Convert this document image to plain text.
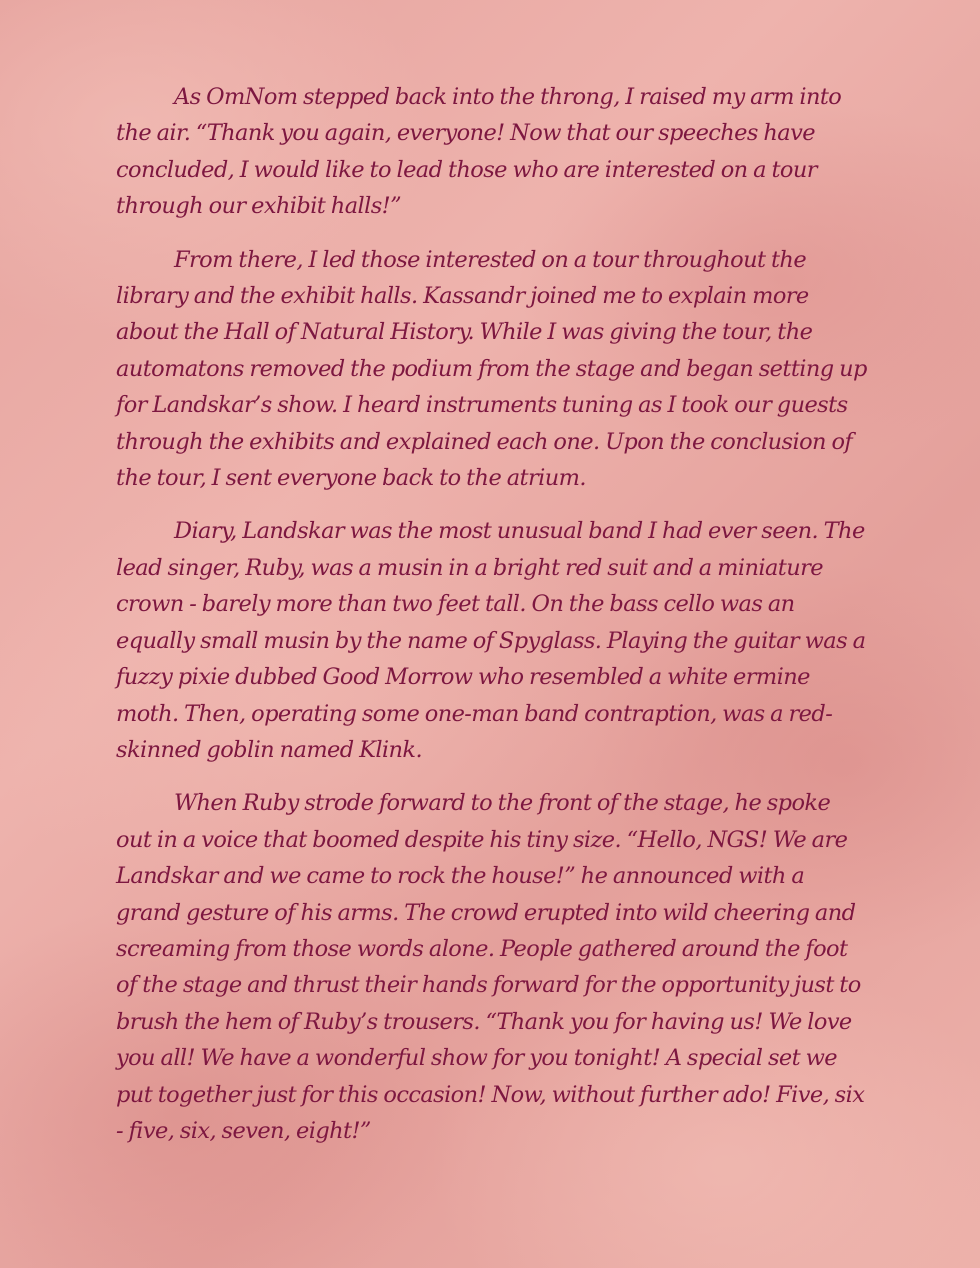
As OmNom stepped back into the throng, I raised my arm into the air. “Thank you again, everyone! Now that our speeches have concluded, I would like to lead those who are interested on a tour through our exhibit halls!”

From there, I led those interested on a tour throughout the library and the exhibit halls. Kassandr joined me to explain more about the Hall of Natural History. While I was giving the tour, the automatons removed the podium from the stage and began setting up for Landskar’s show. I heard instruments tuning as I took our guests through the exhibits and explained each one. Upon the conclusion of the tour, I sent everyone back to the atrium.

Diary, Landskar was the most unusual band I had ever seen. The lead singer, Ruby, was a musin in a bright red suit and a miniature crown - barely more than two feet tall. On the bass cello was an equally small musin by the name of Spyglass. Playing the guitar was a fuzzy pixie dubbed Good Morrow who resembled a white ermine moth. Then, operating some one-man band contraption, was a red-skinned goblin named Klink.

When Ruby strode forward to the front of the stage, he spoke out in a voice that boomed despite his tiny size. “Hello, NGS! We are Landskar and we came to rock the house!” he announced with a grand gesture of his arms. The crowd erupted into wild cheering and screaming from those words alone. People gathered around the foot of the stage and thrust their hands forward for the opportunity just to brush the hem of Ruby’s trousers. “Thank you for having us! We love you all! We have a wonderful show for you tonight! A special set we put together just for this occasion! Now, without further ado! Five, six - five, six, seven, eight!”
